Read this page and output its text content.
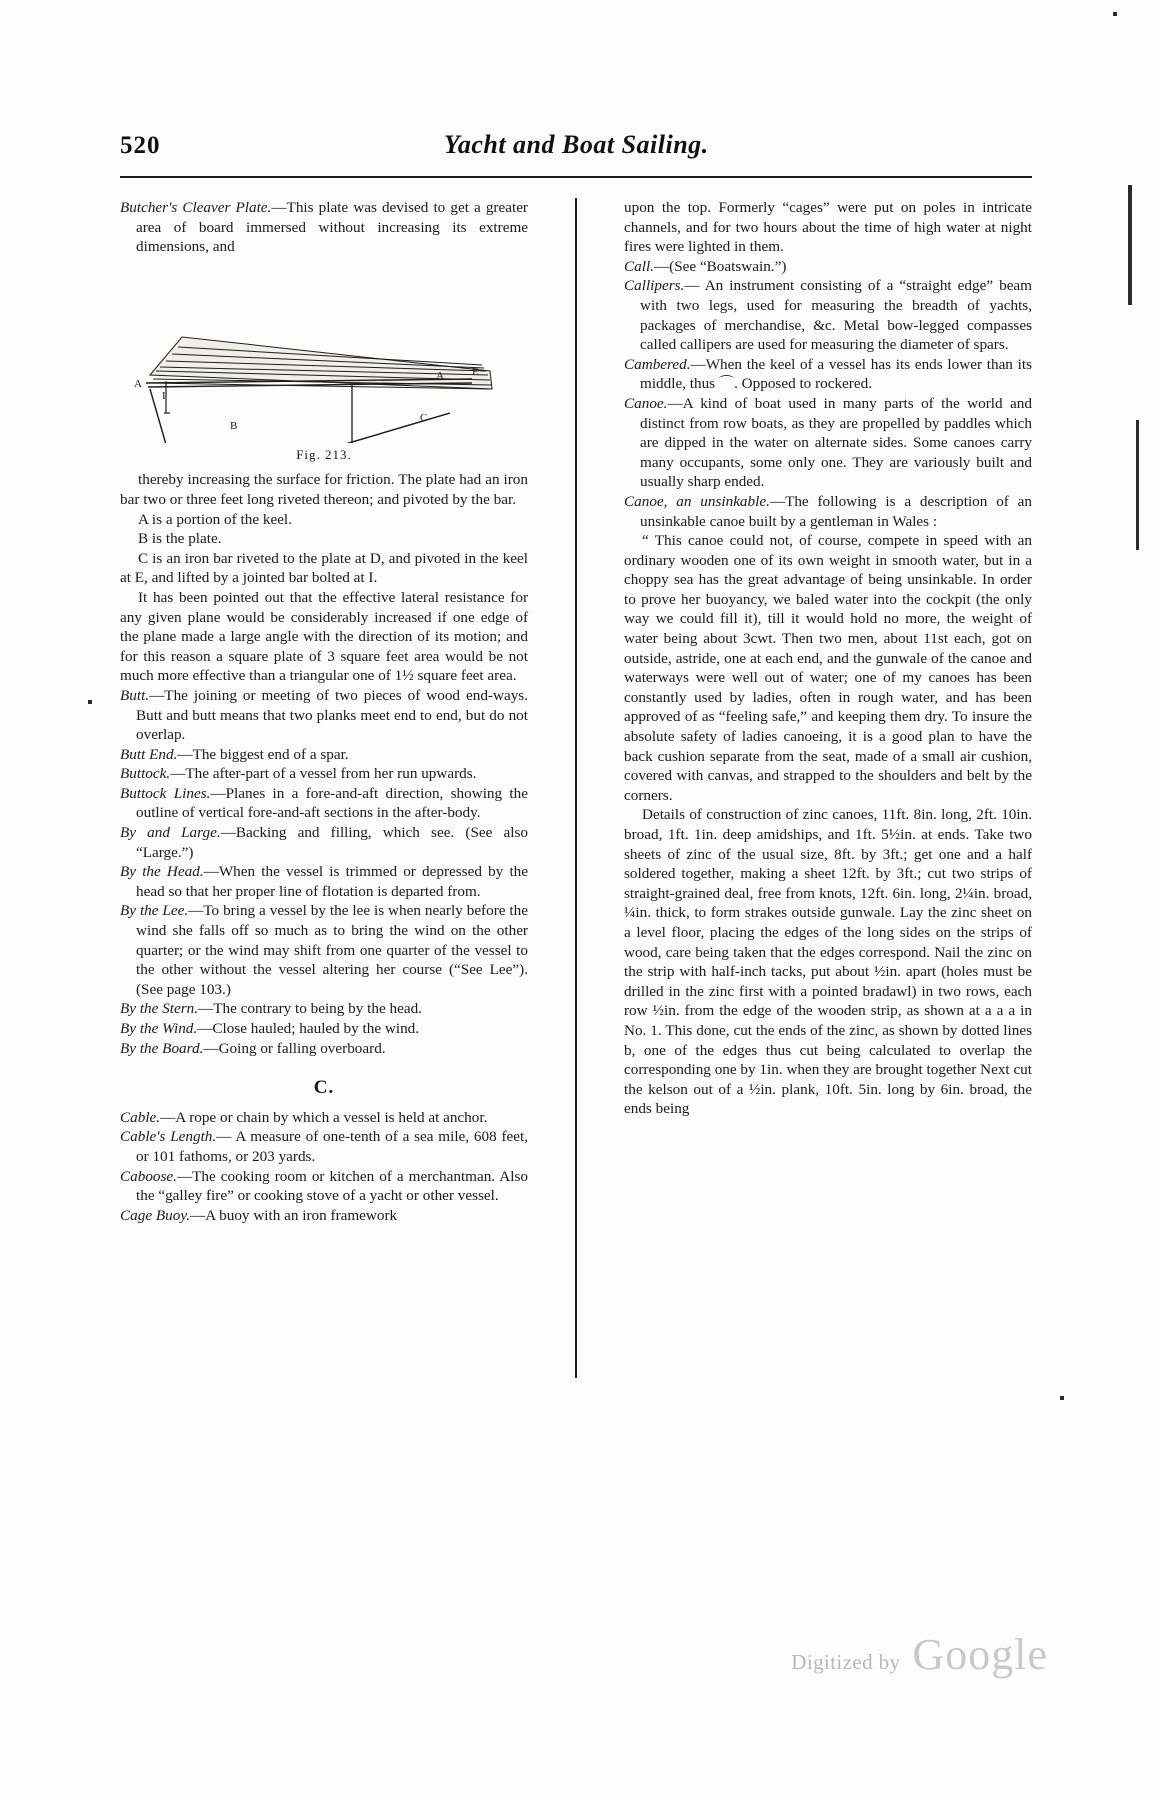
520	Yacht and Boat Sailing.

Butcher's Cleaver Plate.—This plate was devised to get a greater area of board immersed without increasing its extreme dimensions, and

A
A	E
B
C
I

Fig. 213.

thereby increasing the surface for friction. The plate had an iron bar two or three feet long riveted thereon; and pivoted by the bar.

A is a portion of the keel.

B is the plate.

C is an iron bar riveted to the plate at D, and pivoted in the keel at E, and lifted by a jointed bar bolted at I.

It has been pointed out that the effective lateral resistance for any given plane would be considerably increased if one edge of the plane made a large angle with the direction of its motion; and for this reason a square plate of 3 square feet area would be not much more effective than a triangular one of 1½ square feet area.

Butt.—The joining or meeting of two pieces of wood end-ways. Butt and butt means that two planks meet end to end, but do not overlap.

Butt End.—The biggest end of a spar.

Buttock.—The after-part of a vessel from her run upwards.

Buttock Lines.—Planes in a fore-and-aft direction, showing the outline of vertical fore-and-aft sections in the after-body.

By and Large.—Backing and filling, which see. (See also “Large.”)

By the Head.—When the vessel is trimmed or depressed by the head so that her proper line of flotation is departed from.

By the Lee.—To bring a vessel by the lee is when nearly before the wind she falls off so much as to bring the wind on the other quarter; or the wind may shift from one quarter of the vessel to the other without the vessel altering her course (“See Lee”). (See page 103.)

By the Stern.—The contrary to being by the head.

By the Wind.—Close hauled; hauled by the wind.

By the Board.—Going or falling overboard.

C.

Cable.—A rope or chain by which a vessel is held at anchor.

Cable's Length.— A measure of one-tenth of a sea mile, 608 feet, or 101 fathoms, or 203 yards.

Caboose.—The cooking room or kitchen of a merchantman. Also the “galley fire” or cooking stove of a yacht or other vessel.

Cage Buoy.—A buoy with an iron framework

upon the top. Formerly “cages” were put on poles in intricate channels, and for two hours about the time of high water at night fires were lighted in them.

Call.—(See “Boatswain.”)

Callipers.— An instrument consisting of a “straight edge” beam with two legs, used for measuring the breadth of yachts, packages of merchandise, &c. Metal bow-legged compasses called callipers are used for measuring the diameter of spars.

Cambered.—When the keel of a vessel has its ends lower than its middle, thus ⌒. Opposed to rockered.

Canoe.—A kind of boat used in many parts of the world and distinct from row boats, as they are propelled by paddles which are dipped in the water on alternate sides. Some canoes carry many occupants, some only one. They are variously built and usually sharp ended.

Canoe, an unsinkable.—The following is a description of an unsinkable canoe built by a gentleman in Wales :

“ This canoe could not, of course, compete in speed with an ordinary wooden one of its own weight in smooth water, but in a choppy sea has the great advantage of being unsinkable. In order to prove her buoyancy, we baled water into the cockpit (the only way we could fill it), till it would hold no more, the weight of water being about 3cwt. Then two men, about 11st each, got on outside, astride, one at each end, and the gunwale of the canoe and waterways were well out of water; one of my canoes has been constantly used by ladies, often in rough water, and has been approved of as “feeling safe,” and keeping them dry. To insure the absolute safety of ladies canoeing, it is a good plan to have the back cushion separate from the seat, made of a small air cushion, covered with canvas, and strapped to the shoulders and belt by the corners.

Details of construction of zinc canoes, 11ft. 8in. long, 2ft. 10in. broad, 1ft. 1in. deep amidships, and 1ft. 5½in. at ends. Take two sheets of zinc of the usual size, 8ft. by 3ft.; get one and a half soldered together, making a sheet 12ft. by 3ft.; cut two strips of straight-grained deal, free from knots, 12ft. 6in. long, 2¼in. broad, ¼in. thick, to form strakes outside gunwale. Lay the zinc sheet on a level floor, placing the edges of the long sides on the strips of wood, care being taken that the edges correspond. Nail the zinc on the strip with half-inch tacks, put about ½in. apart (holes must be drilled in the zinc first with a pointed bradawl) in two rows, each row ½in. from the edge of the wooden strip, as shown at a a a in No. 1. This done, cut the ends of the zinc, as shown by dotted lines b, one of the edges thus cut being calculated to overlap the corresponding one by 1in. when they are brought together Next cut the kelson out of a ½in. plank, 10ft. 5in. long by 6in. broad, the ends being

Digitized by Google
